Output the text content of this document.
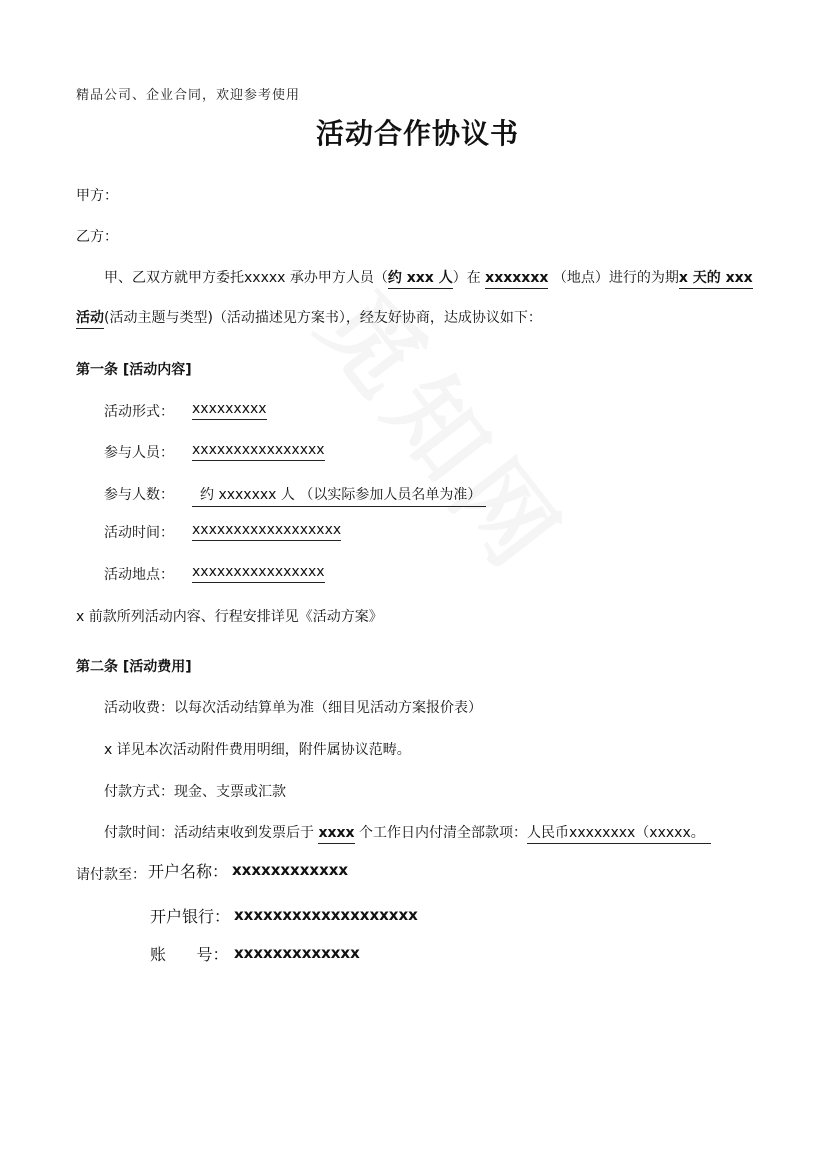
精品公司、企业合同，欢迎参考使用
活动合作协议书
甲方：
乙方：
甲、乙双方就甲方委托xxxxx 承办甲方人员（约 xxx 人）在 xxxxxxx （地点）进行的为期x 天的 xxx
活动(活动主题与类型)（活动描述见方案书），经友好协商，达成协议如下：
第一条 [活动内容]
活动形式： xxxxxxxxx
参与人员： xxxxxxxxxxxxxxxx
参与人数：	约 xxxxxxx 人 （以实际参加人员名单为准）
活动时间： xxxxxxxxxxxxxxxxxx
活动地点： xxxxxxxxxxxxxxxx
x 前款所列活动内容、行程安排详见《活动方案》
第二条 [活动费用]
活动收费：以每次活动结算单为准（细目见活动方案报价表）
x 详见本次活动附件费用明细，附件属协议范畴。
付款方式：现金、支票或汇款
付款时间：活动结束收到发票后于 xxxx 个工作日内付清全部款项：人民币xxxxxxxx（xxxxx。
请付款至： 开户名称： xxxxxxxxxxxx
开户银行： xxxxxxxxxxxxxxxxxxx
账      号： xxxxxxxxxxxxx
